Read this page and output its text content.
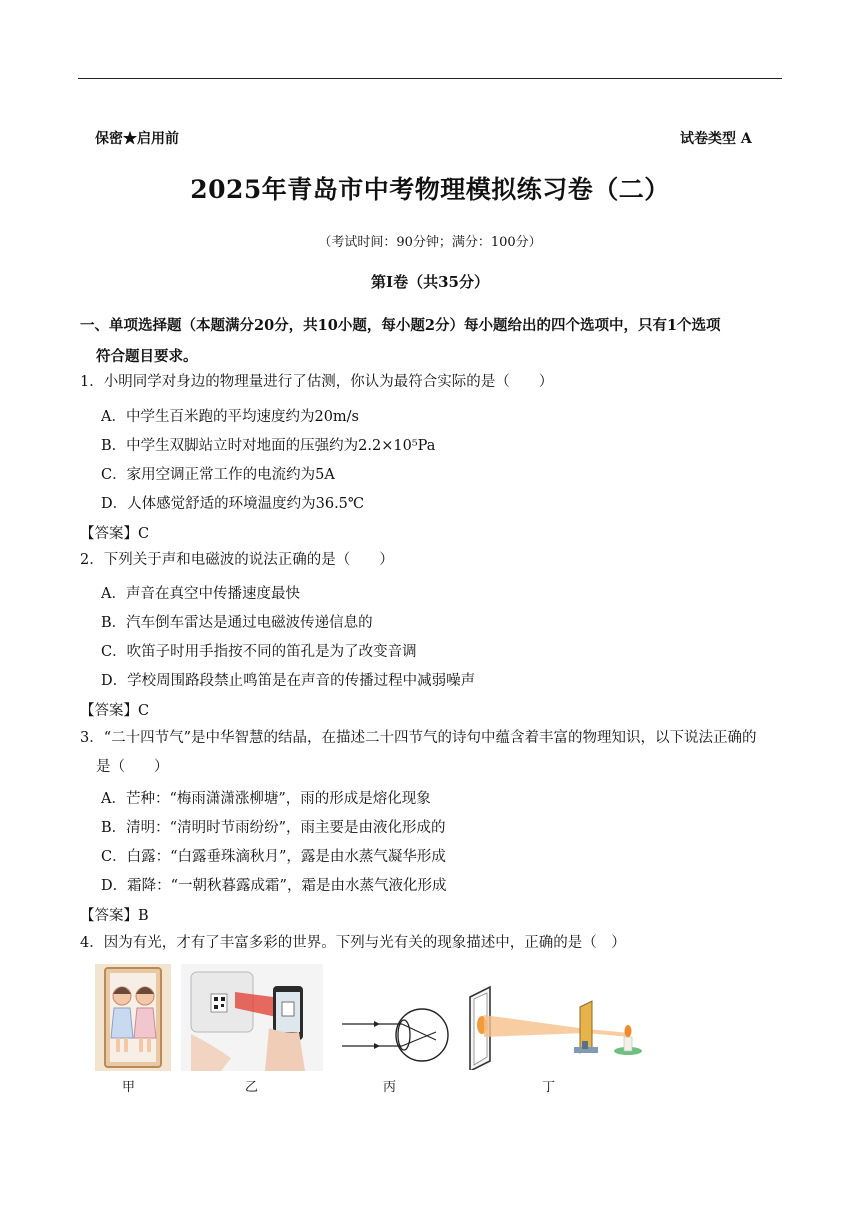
保密★启用前	试卷类型 A
2025年青岛市中考物理模拟练习卷（二）
（考试时间：90分钟；满分：100分）
第I卷（共35分）
一、单项选择题（本题满分20分，共10小题，每小题2分）每小题给出的四个选项中，只有1个选项
符合题目要求。
1．小明同学对身边的物理量进行了估测，你认为最符合实际的是（　　）
A．中学生百米跑的平均速度约为20m/s
B．中学生双脚站立时对地面的压强约为2.2×10⁵Pa
C．家用空调正常工作的电流约为5A
D．人体感觉舒适的环境温度约为36.5℃
【答案】C
2．下列关于声和电磁波的说法正确的是（　　）
A．声音在真空中传播速度最快
B．汽车倒车雷达是通过电磁波传递信息的
C．吹笛子时用手指按不同的笛孔是为了改变音调
D．学校周围路段禁止鸣笛是在声音的传播过程中减弱噪声
【答案】C
3．“二十四节气”是中华智慧的结晶，在描述二十四节气的诗句中蕴含着丰富的物理知识，以下说法正确的
是（　　）
A．芒种：“梅雨潇潇涨柳塘”，雨的形成是熔化现象
B．清明：“清明时节雨纷纷”，雨主要是由液化形成的
C．白露：“白露垂珠滴秋月”，露是由水蒸气凝华形成
D．霜降：“一朝秋暮露成霜”，霜是由水蒸气液化形成
【答案】B
4．因为有光，才有了丰富多彩的世界。下列与光有关的现象描述中，正确的是（　）
甲	乙	丙	丁
